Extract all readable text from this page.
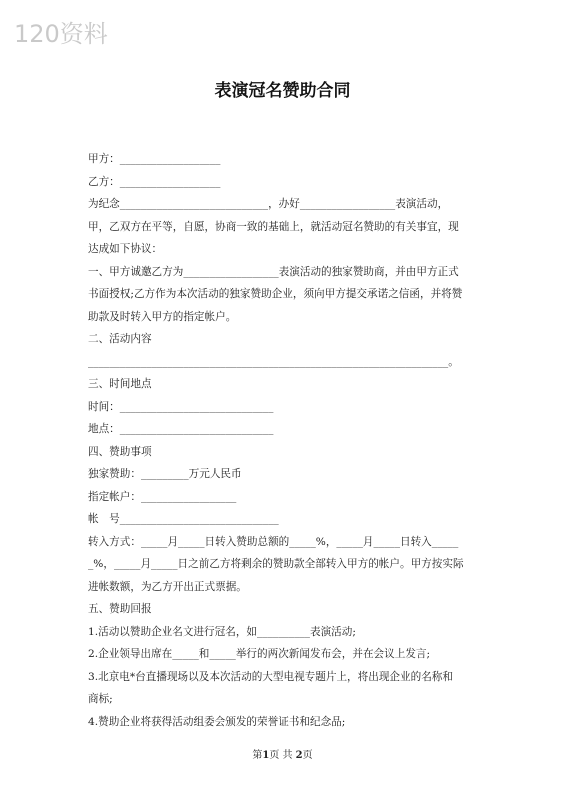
120资料
表演冠名赞助合同
甲方：___________________
乙方：___________________
为纪念____________________________，办好__________________表演活动，
甲，乙双方在平等，自愿，协商一致的基础上，就活动冠名赞助的有关事宜，现
达成如下协议：
一、甲方诚邀乙方为__________________表演活动的独家赞助商，并由甲方正式
书面授权;乙方作为本次活动的独家赞助企业，须向甲方提交承诺之信函，并将赞
助款及时转入甲方的指定帐户。
二、活动内容
____________________________________________________________________。
三、时间地点
时间：_____________________________
地点：_____________________________
四、赞助事项
独家赞助：_________万元人民币
指定帐户：__________________
帐　号______________________________
转入方式：_____月_____日转入赞助总额的_____%，_____月_____日转入_____
_%，_____月_____日之前乙方将剩余的赞助款全部转入甲方的帐户。甲方按实际
进帐数额，为乙方开出正式票据。
五、赞助回报
1.活动以赞助企业名文进行冠名，如__________表演活动;
2.企业领导出席在_____和_____举行的两次新闻发布会，并在会议上发言;
3.北京电*台直播现场以及本次活动的大型电视专题片上，将出现企业的名称和
商标;
4.赞助企业将获得活动组委会颁发的荣誉证书和纪念品;
第1页 共 2页
